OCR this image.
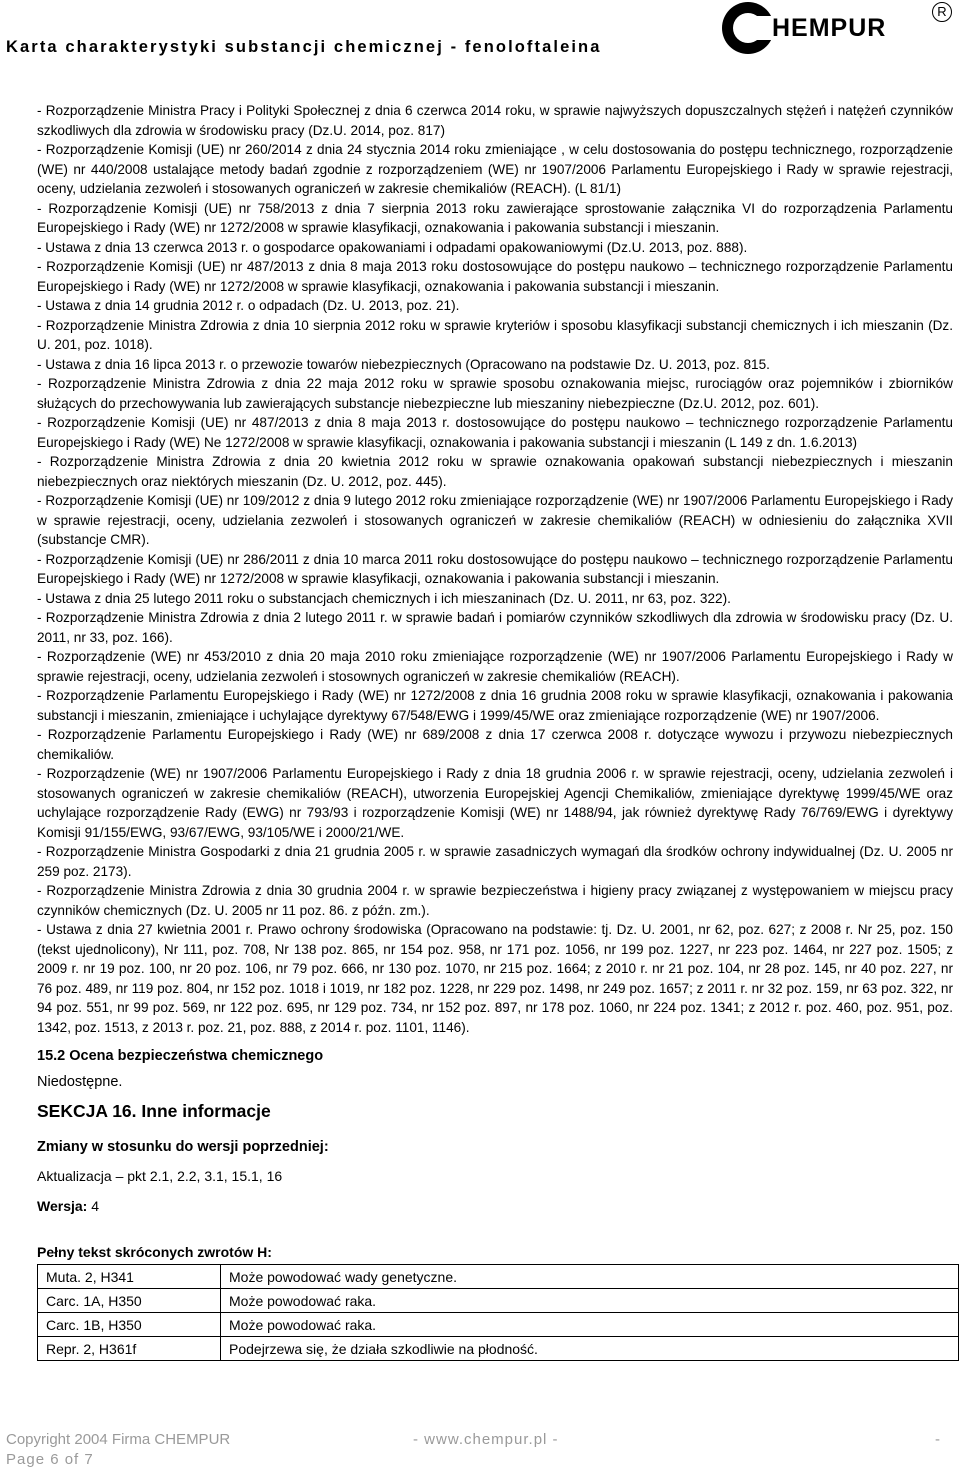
Karta charakterystyki substancji chemicznej - fenoloftaleina
HEMPUR
R

- Rozporządzenie Ministra Pracy i Polityki Społecznej z dnia 6 czerwca 2014 roku, w sprawie najwyższych dopuszczalnych stężeń i natężeń czynników szkodliwych dla zdrowia w środowisku pracy (Dz.U. 2014, poz. 817)

- Rozporządzenie Komisji (UE) nr 260/2014 z dnia 24 stycznia 2014 roku zmieniające , w celu dostosowania do postępu technicznego, rozporządzenie (WE) nr 440/2008 ustalające metody badań zgodnie z rozporządzeniem (WE) nr 1907/2006 Parlamentu Europejskiego i Rady w sprawie rejestracji, oceny, udzielania zezwoleń i stosowanych ograniczeń w zakresie chemikaliów (REACH). (L 81/1)

- Rozporządzenie Komisji (UE) nr 758/2013 z dnia 7 sierpnia 2013 roku zawierające sprostowanie załącznika VI do rozporządzenia Parlamentu Europejskiego i Rady (WE) nr 1272/2008 w sprawie klasyfikacji, oznakowania i pakowania substancji i mieszanin.

- Ustawa z dnia 13 czerwca 2013 r. o gospodarce opakowaniami i odpadami opakowaniowymi (Dz.U. 2013, poz. 888).

- Rozporządzenie Komisji (UE) nr 487/2013 z dnia 8 maja 2013 roku dostosowujące do postępu naukowo – technicznego rozporządzenie Parlamentu Europejskiego i Rady (WE) nr 1272/2008 w sprawie klasyfikacji, oznakowania i pakowania substancji i mieszanin.

- Ustawa z dnia 14 grudnia 2012 r. o odpadach (Dz. U. 2013, poz. 21).

- Rozporządzenie Ministra Zdrowia z dnia 10 sierpnia 2012 roku w sprawie kryteriów i sposobu klasyfikacji substancji chemicznych i ich mieszanin (Dz. U. 201, poz. 1018).

- Ustawa z dnia 16 lipca 2013 r. o przewozie towarów niebezpiecznych (Opracowano na podstawie Dz. U. 2013, poz. 815.

- Rozporządzenie Ministra Zdrowia z dnia 22 maja 2012 roku w sprawie sposobu oznakowania miejsc, rurociągów oraz pojemników i zbiorników służących do przechowywania lub zawierających substancje niebezpieczne lub mieszaniny niebezpieczne (Dz.U. 2012, poz. 601).

- Rozporządzenie Komisji (UE) nr 487/2013 z dnia 8 maja 2013 r. dostosowujące do postępu naukowo – technicznego rozporządzenie Parlamentu Europejskiego i Rady (WE) Ne 1272/2008 w sprawie klasyfikacji, oznakowania i pakowania substancji i mieszanin (L 149 z dn. 1.6.2013)

- Rozporządzenie Ministra Zdrowia z dnia 20 kwietnia 2012 roku w sprawie oznakowania opakowań substancji niebezpiecznych i mieszanin niebezpiecznych oraz niektórych mieszanin (Dz. U. 2012, poz. 445).

- Rozporządzenie Komisji (UE) nr 109/2012 z dnia 9 lutego 2012 roku zmieniające rozporządzenie (WE) nr 1907/2006 Parlamentu Europejskiego i Rady w sprawie rejestracji, oceny, udzielania zezwoleń i stosowanych ograniczeń w zakresie chemikaliów (REACH) w odniesieniu do załącznika XVII (substancje CMR).

- Rozporządzenie Komisji (UE) nr 286/2011 z dnia 10 marca 2011 roku dostosowujące do postępu naukowo – technicznego rozporządzenie Parlamentu Europejskiego i Rady (WE) nr 1272/2008 w sprawie klasyfikacji, oznakowania i pakowania substancji i mieszanin.

- Ustawa z dnia 25 lutego 2011 roku o substancjach chemicznych i ich mieszaninach (Dz. U. 2011, nr 63, poz. 322).

- Rozporządzenie Ministra Zdrowia z dnia 2 lutego 2011 r. w sprawie badań i pomiarów czynników szkodliwych dla zdrowia w środowisku pracy (Dz. U. 2011, nr 33, poz. 166).

- Rozporządzenie (WE) nr 453/2010 z dnia 20 maja 2010 roku zmieniające rozporządzenie (WE) nr 1907/2006 Parlamentu Europejskiego i Rady w sprawie rejestracji, oceny, udzielania zezwoleń i stosownych ograniczeń w zakresie chemikaliów (REACH).

- Rozporządzenie Parlamentu Europejskiego i Rady (WE) nr 1272/2008 z dnia 16 grudnia 2008 roku w sprawie klasyfikacji, oznakowania i pakowania substancji i mieszanin, zmieniające i uchylające dyrektywy 67/548/EWG i 1999/45/WE oraz zmieniające rozporządzenie (WE) nr 1907/2006.

- Rozporządzenie Parlamentu Europejskiego i Rady (WE) nr 689/2008 z dnia 17 czerwca 2008 r. dotyczące wywozu i przywozu niebezpiecznych chemikaliów.

- Rozporządzenie (WE) nr 1907/2006 Parlamentu Europejskiego i Rady z dnia 18 grudnia 2006 r. w sprawie rejestracji, oceny, udzielania zezwoleń i stosowanych ograniczeń w zakresie chemikaliów (REACH), utworzenia Europejskiej Agencji Chemikaliów, zmieniające dyrektywę 1999/45/WE oraz uchylające rozporządzenie Rady (EWG) nr 793/93 i rozporządzenie Komisji (WE) nr 1488/94, jak również dyrektywę Rady 76/769/EWG i dyrektywy Komisji 91/155/EWG, 93/67/EWG, 93/105/WE i 2000/21/WE.

- Rozporządzenie Ministra Gospodarki z dnia 21 grudnia 2005 r. w sprawie zasadniczych wymagań dla środków ochrony indywidualnej (Dz. U. 2005 nr 259 poz. 2173).

- Rozporządzenie Ministra Zdrowia z dnia 30 grudnia 2004 r. w sprawie bezpieczeństwa i higieny pracy związanej z występowaniem w miejscu pracy czynników chemicznych (Dz. U. 2005 nr 11 poz. 86. z późn. zm.).

- Ustawa z dnia 27 kwietnia 2001 r. Prawo ochrony środowiska (Opracowano na podstawie: tj. Dz. U. 2001, nr 62, poz. 627; z 2008 r. Nr 25, poz. 150 (tekst ujednolicony), Nr 111, poz. 708, Nr 138 poz. 865, nr 154 poz. 958, nr 171 poz. 1056, nr 199 poz. 1227, nr 223 poz. 1464, nr 227 poz. 1505; z 2009 r. nr 19 poz. 100, nr 20 poz. 106, nr 79 poz. 666, nr 130 poz. 1070, nr 215 poz. 1664; z 2010 r. nr 21 poz. 104, nr 28 poz. 145, nr 40 poz. 227, nr 76 poz. 489, nr 119 poz. 804, nr 152 poz. 1018 i 1019, nr 182 poz. 1228, nr 229 poz. 1498, nr 249 poz. 1657; z 2011 r. nr 32 poz. 159, nr 63 poz. 322, nr 94 poz. 551, nr 99 poz. 569, nr 122 poz. 695, nr 129 poz. 734, nr 152 poz. 897, nr 178 poz. 1060, nr 224 poz. 1341; z 2012 r. poz. 460, poz. 951, poz. 1342, poz. 1513, z 2013 r. poz. 21, poz. 888, z 2014 r. poz. 1101, 1146).

15.2 Ocena bezpieczeństwa chemicznego

Niedostępne.

SEKCJA 16. Inne informacje

Zmiany w stosunku do wersji poprzedniej:

Aktualizacja – pkt 2.1, 2.2, 3.1, 15.1, 16

Wersja: 4

Pełny tekst skróconych zwrotów H:
Muta. 2, H341	Może powodować wady genetyczne.
Carc. 1A, H350	Może powodować raka.
Carc. 1B, H350	Może powodować raka.
Repr. 2, H361f	Podejrzewa się, że działa szkodliwie na płodność.
Copyright 2004 Firma CHEMPUR	- www.chempur.pl -	-
Page 6 of 7
